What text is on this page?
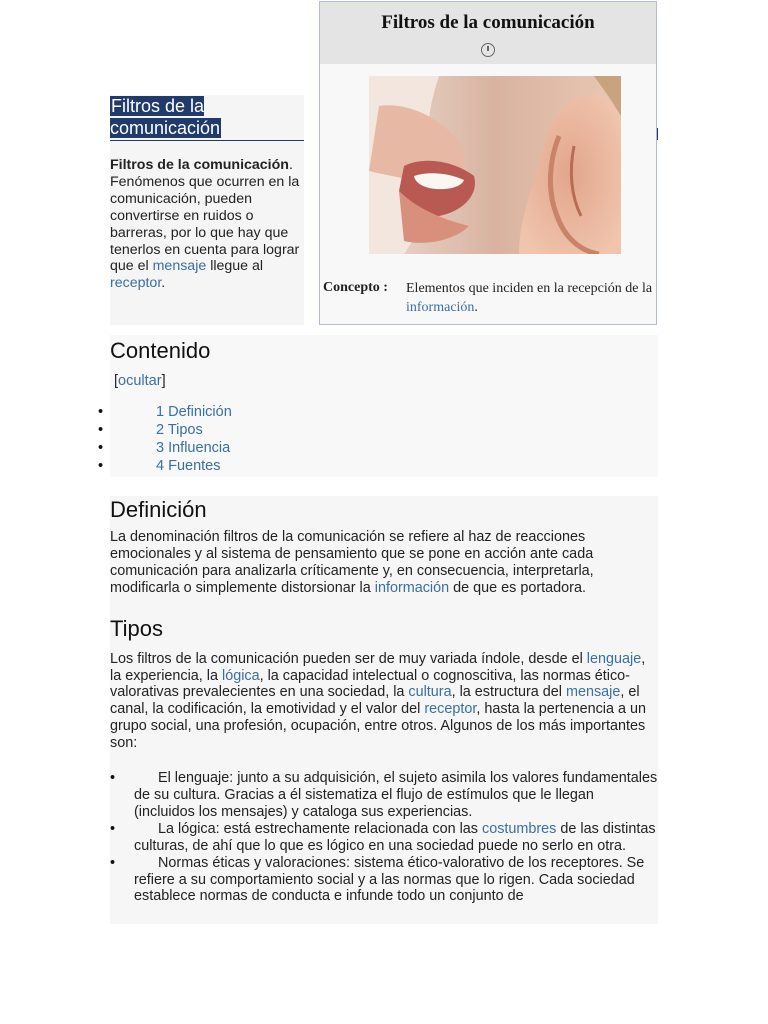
Filtros de la comunicación
Filtros de la comunicación. Fenómenos que ocurren en la comunicación, pueden convertirse en ruidos o barreras, por lo que hay que tenerlos en cuenta para lograr que el mensaje llegue al receptor.
Filtros de la comunicación
Concepto :	Elementos que inciden en la recepción de la información.
Contenido
[ocultar]
• 1 Definición
• 2 Tipos
• 3 Influencia
• 4 Fuentes
Definición
La denominación filtros de la comunicación se refiere al haz de reacciones emocionales y al sistema de pensamiento que se pone en acción ante cada comunicación para analizarla críticamente y, en consecuencia, interpretarla, modificarla o simplemente distorsionar la información de que es portadora.
Tipos
Los filtros de la comunicación pueden ser de muy variada índole, desde el lenguaje, la experiencia, la lógica, la capacidad intelectual o cognoscitiva, las normas ético-valorativas prevalecientes en una sociedad, la cultura, la estructura del mensaje, el canal, la codificación, la emotividad y el valor del receptor, hasta la pertenencia a un grupo social, una profesión, ocupación, entre otros. Algunos de los más importantes son:
• El lenguaje: junto a su adquisición, el sujeto asimila los valores fundamentales de su cultura. Gracias a él sistematiza el flujo de estímulos que le llegan (incluidos los mensajes) y cataloga sus experiencias.
• La lógica: está estrechamente relacionada con las costumbres de las distintas culturas, de ahí que lo que es lógico en una sociedad puede no serlo en otra.
• Normas éticas y valoraciones: sistema ético-valorativo de los receptores. Se refiere a su comportamiento social y a las normas que lo rigen. Cada sociedad establece normas de conducta e infunde todo un conjunto de
